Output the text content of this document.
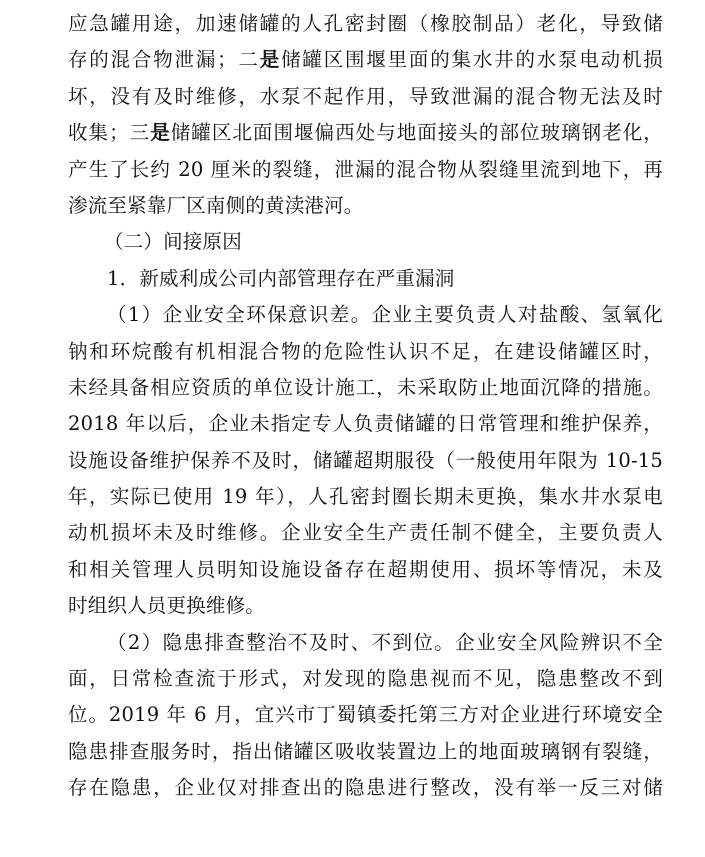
应急罐用途，加速储罐的人孔密封圈（橡胶制品）老化，导致储
存的混合物泄漏；二是储罐区围堰里面的集水井的水泵电动机损
坏，没有及时维修，水泵不起作用，导致泄漏的混合物无法及时
收集；三是储罐区北面围堰偏西处与地面接头的部位玻璃钢老化，
产生了长约 20 厘米的裂缝，泄漏的混合物从裂缝里流到地下，再
渗流至紧靠厂区南侧的黄渎港河。
（二）间接原因
1．新威利成公司内部管理存在严重漏洞
（1）企业安全环保意识差。企业主要负责人对盐酸、氢氧化
钠和环烷酸有机相混合物的危险性认识不足，在建设储罐区时，
未经具备相应资质的单位设计施工，未采取防止地面沉降的措施。
2018 年以后，企业未指定专人负责储罐的日常管理和维护保养，
设施设备维护保养不及时，储罐超期服役（一般使用年限为 10-15
年，实际已使用 19 年），人孔密封圈长期未更换，集水井水泵电
动机损坏未及时维修。企业安全生产责任制不健全，主要负责人
和相关管理人员明知设施设备存在超期使用、损坏等情况，未及
时组织人员更换维修。
（2）隐患排查整治不及时、不到位。企业安全风险辨识不全
面，日常检查流于形式，对发现的隐患视而不见，隐患整改不到
位。2019 年 6 月，宜兴市丁蜀镇委托第三方对企业进行环境安全
隐患排查服务时，指出储罐区吸收装置边上的地面玻璃钢有裂缝，
存在隐患，企业仅对排查出的隐患进行整改，没有举一反三对储
